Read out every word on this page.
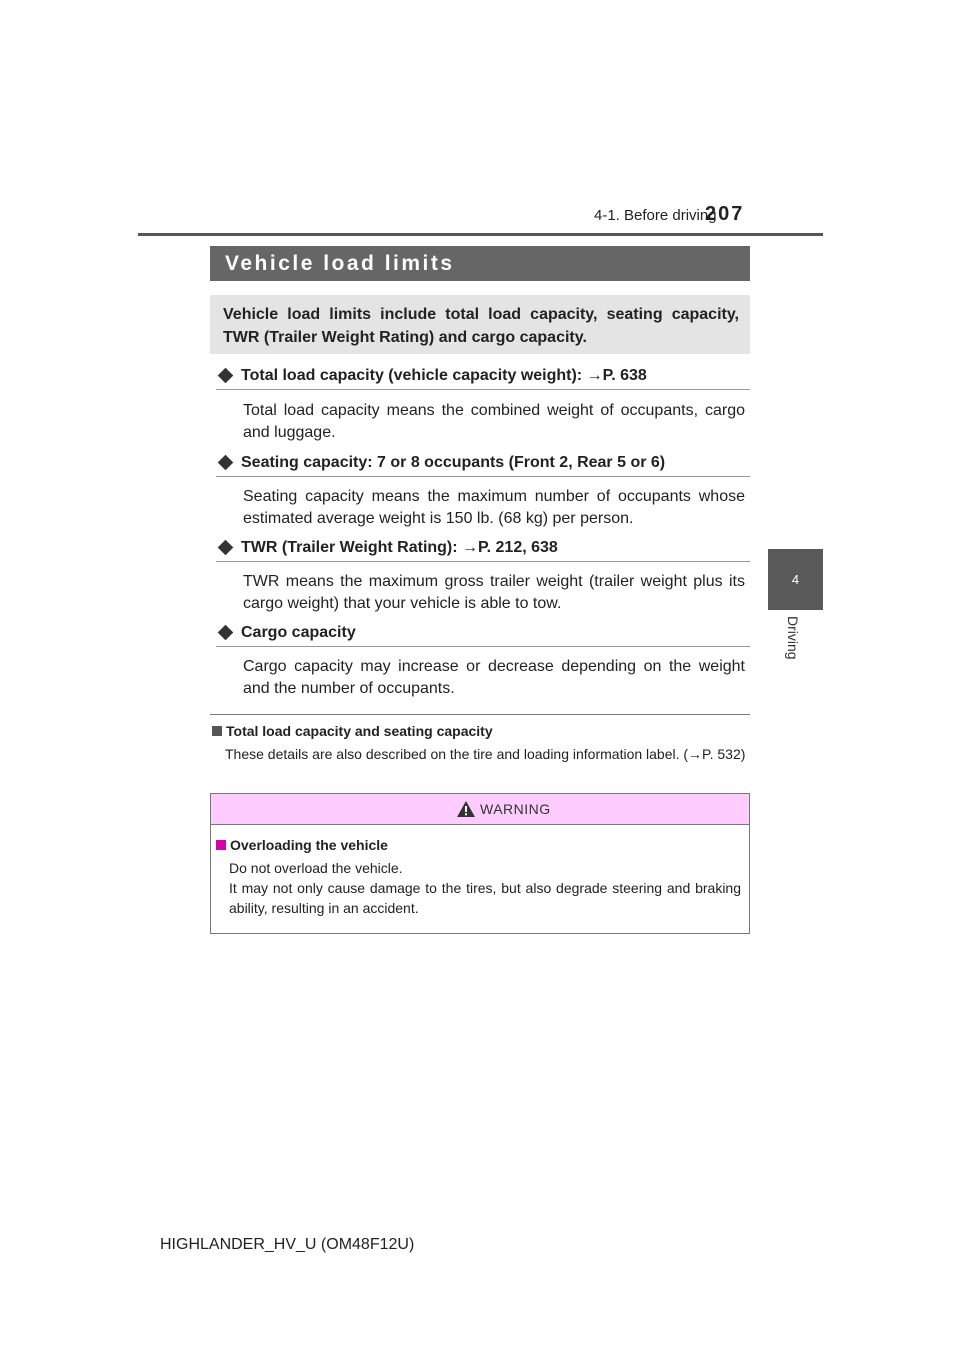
4-1. Before driving
207
4
Driving
Vehicle load limits

Vehicle load limits include total load capacity, seating capacity, TWR (Trailer Weight Rating) and cargo capacity.

Total load capacity (vehicle capacity weight): →P. 638

Total load capacity means the combined weight of occupants, cargo and luggage.

Seating capacity: 7 or 8 occupants (Front 2, Rear 5 or 6)

Seating capacity means the maximum number of occupants whose estimated average weight is 150 lb. (68 kg) per person.

TWR (Trailer Weight Rating): →P. 212, 638

TWR means the maximum gross trailer weight (trailer weight plus its cargo weight) that your vehicle is able to tow.

Cargo capacity

Cargo capacity may increase or decrease depending on the weight and the number of occupants.

Total load capacity and seating capacity

These details are also described on the tire and loading information label. (→P. 532)

WARNING
Overloading the vehicle

Do not overload the vehicle.
It may not only cause damage to the tires, but also degrade steering and braking ability, resulting in an accident.

HIGHLANDER_HV_U (OM48F12U)
